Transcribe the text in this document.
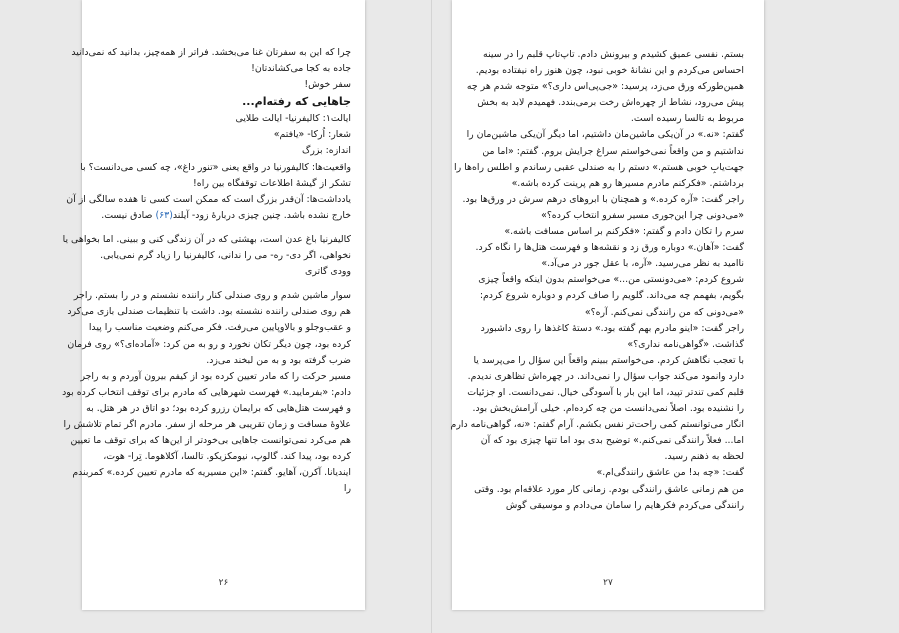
چرا که این به سفرتان غنا می‌بخشد. فراتر از همه‌چیز، بدانید که نمی‌دانید
جاده به کجا می‌کشاندتان!
سفر خوش!
جاهایی که رفته‌ام...
ایالت۱: کالیفرنیا- ایالت طلایی
شعار: اُرکا- «یافتم»
اندازه: بزرگ
واقعیت‌ها: کالیفورنیا در واقع یعنی «تنور داغ»، چه کسی می‌دانست؟ با
تشکر از گیشهٔ اطلاعات توقفگاه بین راه!
یادداشت‌ها: آن‌قدر بزرگ است که ممکن است کسی تا هفده سالگی از آن
خارج نشده باشد. چنین چیزی دربارهٔ زود- آیلند(۶۳) صادق نیست.
کالیفرنیا باغ عدن است، بهشتی که در آن زندگی کنی و ببینی. اما بخواهی یا
نخواهی، اگر دی- ره- می را ندانی، کالیفرنیا را زیاد گرم نمی‌یابی.
وودی گاتری
سوار ماشین شدم و روی صندلی کنار راننده نشستم و در را بستم. راجر
هم روی صندلی راننده نشسته بود. داشت با تنظیمات صندلی بازی می‌کرد
و عقب‌وجلو و بالاوپایین می‌رفت. فکر می‌کنم وضعیت مناسب را پیدا
کرده بود، چون دیگر تکان نخورد و رو به من کرد: «آماده‌ای؟» روی فرمان
ضرب گرفته بود و به من لبخند می‌زد.
مسیر حرکت را که مادر تعیین کرده بود از کیفم بیرون آوردم و به راجر
دادم: «بفرمایید.» فهرست شهرهایی که مادرم برای توقف انتخاب کرده بود
و فهرست هتل‌هایی که برایمان رزرو کرده بود؛ دو اتاق در هر هتل. به
علاوهٔ مسافت و زمان تقریبی هر مرحله از سفر. مادرم اگر تمام تلاشش را
هم می‌کرد نمی‌توانست جاهایی بی‌خودتر از این‌ها که برای توقف ما تعیین
کرده بود، پیدا کند. گالوپ، نیومکزیکو. تالسا، آکلاهوما. تِرا- هوت،
ایندیانا. آکرن، آهایو. گفتم: «این مسیریه که مادرم تعیین کرده.» کمربندم
را
۲۶
بستم. نفسی عمیق کشیدم و بیرونش دادم. تاپ‌تاپ قلبم را در سینه
احساس می‌کردم و این نشانهٔ خوبی نبود، چون هنوز راه نیفتاده بودیم.
همین‌طورکه ورق می‌زد، پرسید: «جی‌پی‌اس داری؟» متوجه شدم هر چه
پیش می‌رود، نشاط از چهره‌اش رخت برمی‌بندد. فهمیدم لابد به بخش
مربوط به تالسا رسیده است.
گفتم: «نه.» در آن‌یکی ماشین‌مان داشتیم، اما دیگر آن‌یکی ماشین‌مان را
نداشتیم و من واقعاً نمی‌خواستم سراغ جرایش بروم. گفتم: «اما من
جهت‌یابِ خوبی هستم.» دستم را به صندلی عقبی رساندم و اطلس راه‌ها را
برداشتم. «فکرکنم مادرم مسیرها رو هم پرینت کرده باشه.»
راجر گفت: «آره کرده.» و همچنان با ابروهای درهم سرش در ورق‌ها بود.
«می‌دونی چرا این‌جوری مسیر سفرو انتخاب کرده؟»
سرم را تکان دادم و گفتم: «فکرکنم بر اساس مسافت باشه.»
گفت: «آهان.» دوباره ورق زد و نقشه‌ها و فهرست هتل‌ها را نگاه کرد.
ناامید به نظر می‌رسید. «آره، با عقل جور در می‌آد.»
شروع کردم: «می‌دونستی من...» می‌خواستم بدون اینکه واقعاً چیزی
بگویم، بفهمم چه می‌داند. گلویم را صاف کردم و دوباره شروع کردم:
«می‌دونی که من رانندگی نمی‌کنم. آره؟»
راجر گفت: «اینو مادرم بهم گفته بود.» دستهٔ کاغذها را روی داشبورد
گذاشت. «گواهی‌نامه نداری؟»
با تعجب نگاهش کردم. می‌خواستم ببینم واقعاً این سؤال را می‌پرسد یا
دارد وانمود می‌کند جواب سؤال را نمی‌داند. در چهره‌اش تظاهری ندیدم.
قلبم کمی تندتر تپید، اما این بار با آسودگی خیال. نمی‌دانست. او جزئیات
را نشنیده بود. اصلاً نمی‌دانست من چه کرده‌ام. خیلی آرامش‌بخش بود.
انگار می‌توانستم کمی راحت‌تر نفس بکشم. آرام گفتم: «نه، گواهی‌نامه دارم
اما... فعلاً رانندگی نمی‌کنم.» توضیح بدی بود اما تنها چیزی بود که آن
لحظه به ذهنم رسید.
گفت: «چه بد! من عاشق رانندگی‌ام.»
من هم زمانی عاشق رانندگی بودم. زمانی کار مورد علاقه‌ام بود. وقتی
رانندگی می‌کردم فکرهایم را سامان می‌دادم و موسیقی گوش
۲۷
